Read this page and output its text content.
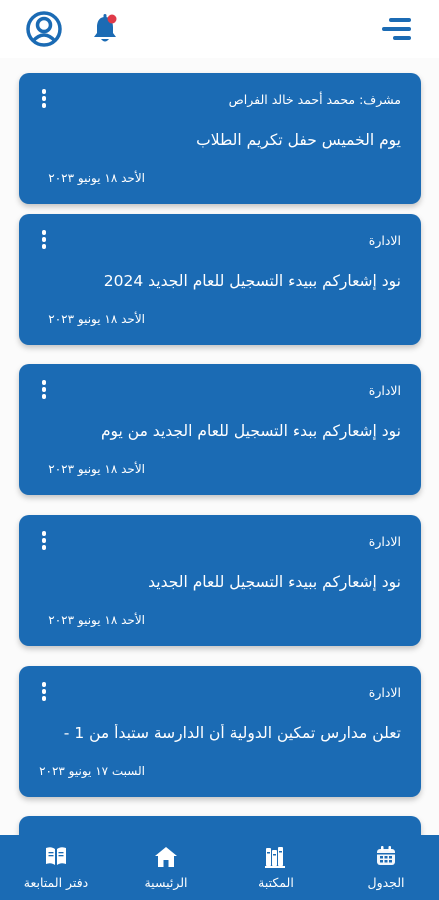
مشرف: محمد أحمد خالد الفراص
يوم الخميس حفل تكريم الطلاب
الأحد ١٨ يونيو ٢٠٢٣
الادارة
نود إشعاركم ببيدء التسجيل للعام الجديد 2024
الأحد ١٨ يونيو ٢٠٢٣
الادارة
نود إشعاركم ببدء التسجيل للعام الجديد من يوم
الأحد ١٨ يونيو ٢٠٢٣
الادارة
نود إشعاركم ببيدء التسجيل للعام الجديد
الأحد ١٨ يونيو ٢٠٢٣
الادارة
تعلن مدارس تمكين الدولية أن الدارسة ستبدأ من 1 -
السبت ١٧ يونيو ٢٠٢٣
الجدول
المكتبة
الرئيسية
دفتر المتابعة
